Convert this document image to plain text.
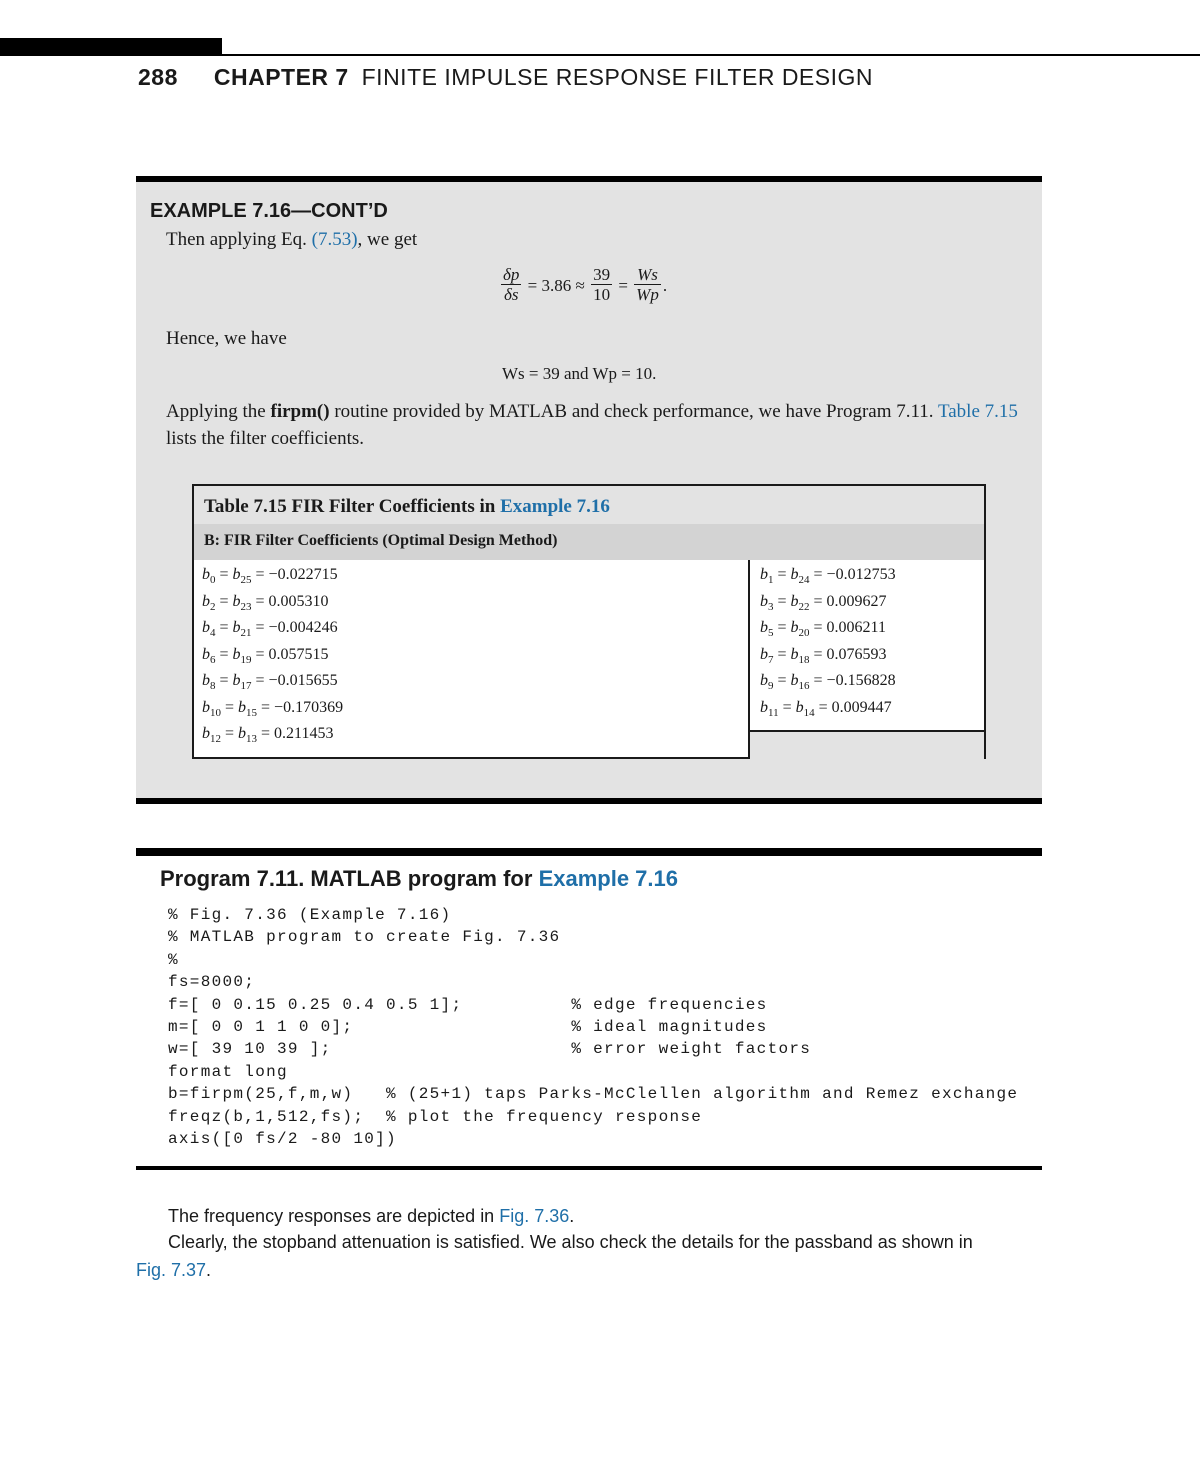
288 CHAPTER 7 FINITE IMPULSE RESPONSE FILTER DESIGN
EXAMPLE 7.16—CONT’D
Then applying Eq. (7.53), we get
$\frac{\delta p}{\delta s} = 3.86 \approx \frac{39}{10} = \frac{Ws}{Wp}$ .
Hence, we have
Ws = 39 and Wp = 10.
Applying the firpm() routine provided by MATLAB and check performance, we have Program 7.11. Table 7.15 lists the filter coefficients.
Table 7.15 FIR Filter Coefficients in Example 7.16
B: FIR Filter Coefficients (Optimal Design Method)
$b_0 = b_{25} = -0.022715$
$b_2 = b_{23} = 0.005310$
$b_4 = b_{21} = -0.004246$
$b_6 = b_{19} = 0.057515$
$b_8 = b_{17} = -0.015655$
$b_{10} = b_{15} = -0.170369$
$b_{12} = b_{13} = 0.211453$
$b_1 = b_{24} = -0.012753$
$b_3 = b_{22} = 0.009627$
$b_5 = b_{20} = 0.006211$
$b_7 = b_{18} = 0.076593$
$b_9 = b_{16} = -0.156828$
$b_{11} = b_{14} = 0.009447$
Program 7.11. MATLAB program for Example 7.16
% Fig. 7.36 (Example 7.16)
% MATLAB program to create Fig. 7.36
%
fs=8000;
f=[ 0 0.15 0.25 0.4 0.5 1];          % edge frequencies
m=[ 0 0 1 1 0 0];                    % ideal magnitudes
w=[ 39 10 39 ];                      % error weight factors
format long
b=firpm(25,f,m,w)   % (25+1) taps Parks-McClellen algorithm and Remez exchange
freqz(b,1,512,fs);  % plot the frequency response
axis([0 fs/2 -80 10])
The frequency responses are depicted in Fig. 7.36.
Clearly, the stopband attenuation is satisfied. We also check the details for the passband as shown in
Fig. 7.37.
